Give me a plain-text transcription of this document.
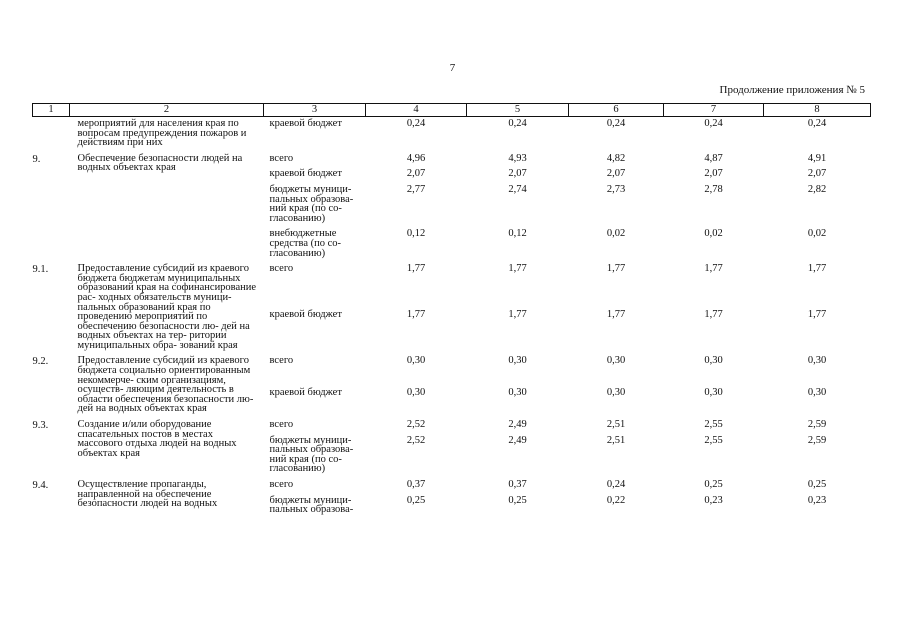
7
Продолжение приложения № 5
1	2	3	4	5	6	7	8

	мероприятий для населения края по вопросам предупреждения пожаров и действиям при них	краевой бюджет	0,24	0,24	0,24	0,24	0,24
9.	Обеспечение безопасности людей на водных объектах края	всего	4,96	4,93	4,82	4,87	4,91

		краевой бюджет	2,07	2,07	2,07	2,07	2,07

		бюджеты муници- пальных образова- ний края (по со- гласованию)	2,77	2,74	2,73	2,78	2,82

		внебюджетные средства (по со- гласованию)	0,12	0,12	0,02	0,02	0,02
9.1.	Предоставление субсидий из краевого бюджета бюджетам муниципальных образований края на софинансирование рас- ходных обязательств муници- пальных образований края по проведению мероприятий по обеспечению безопасности лю- дей на водных объектах на тер- ритории муниципальных обра- зований края	всего	1,77	1,77	1,77	1,77	1,77

		краевой бюджет	1,77	1,77	1,77	1,77	1,77
9.2.	Предоставление субсидий из краевого бюджета социально ориентированным некоммерче- ским организациям, осуществ- ляющим деятельность в области обеспечения безопасности лю- дей на водных объектах края	всего	0,30	0,30	0,30	0,30	0,30

		краевой бюджет	0,30	0,30	0,30	0,30	0,30
9.3.	Создание и/или оборудование спасательных постов в местах массового отдыха людей на водных объектах края	всего	2,52	2,49	2,51	2,55	2,59

		бюджеты муници- пальных образова- ний края (по со- гласованию)	2,52	2,49	2,51	2,55	2,59
9.4.	Осуществление пропаганды, направленной на обеспечение безопасности людей на водных	всего	0,37	0,37	0,24	0,25	0,25

		бюджеты муници- пальных образова-	0,25	0,25	0,22	0,23	0,23
